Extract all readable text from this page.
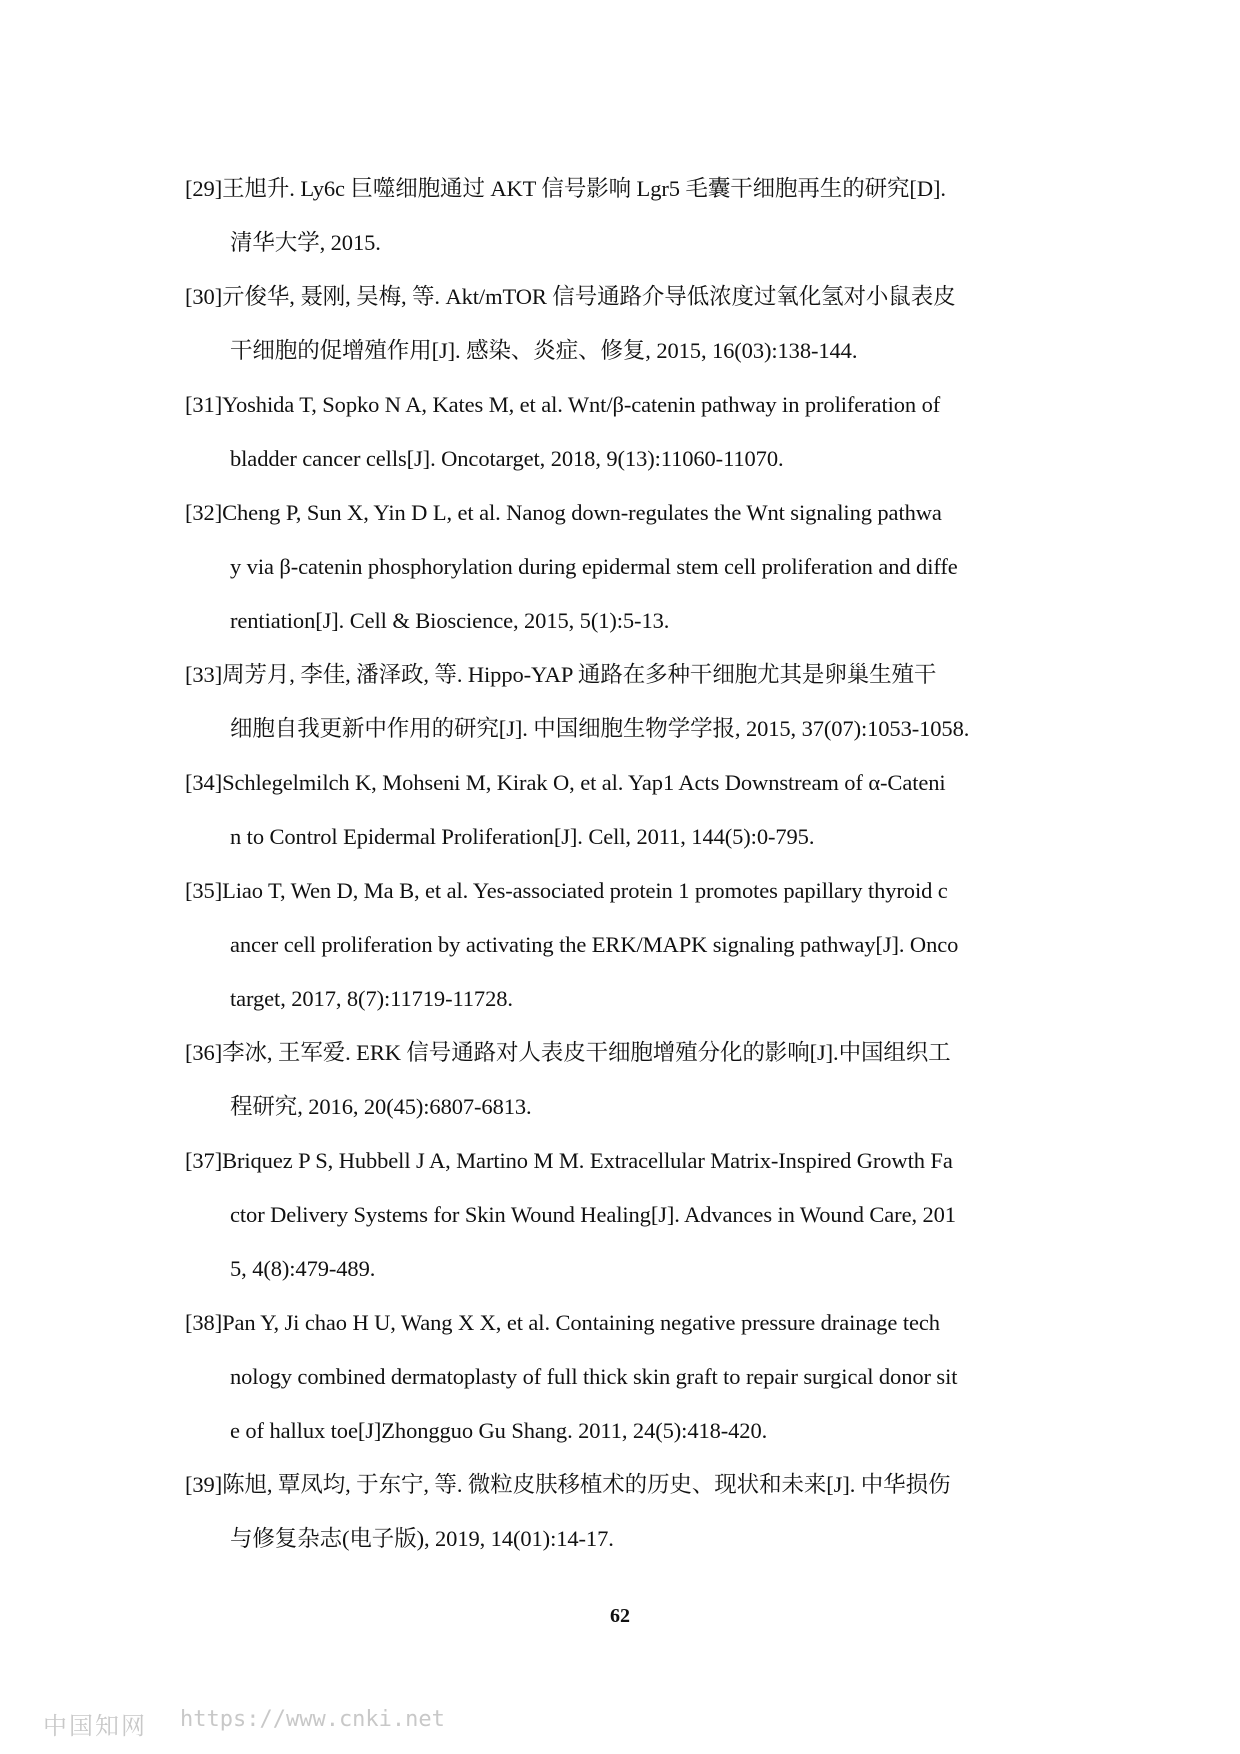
[29]王旭升. Ly6c 巨噬细胞通过 AKT 信号影响 Lgr5 毛囊干细胞再生的研究[D].
清华大学, 2015.
[30]亓俊华, 聂刚, 吴梅, 等. Akt/mTOR 信号通路介导低浓度过氧化氢对小鼠表皮
干细胞的促增殖作用[J]. 感染、炎症、修复, 2015, 16(03):138-144.
[31]Yoshida T, Sopko N A, Kates M, et al. Wnt/β-catenin pathway in proliferation of
bladder cancer cells[J]. Oncotarget, 2018, 9(13):11060-11070.
[32]Cheng P, Sun X, Yin D L, et al. Nanog down-regulates the Wnt signaling pathwa
y via β-catenin phosphorylation during epidermal stem cell proliferation and diffe
rentiation[J]. Cell & Bioscience, 2015, 5(1):5-13.
[33]周芳月, 李佳, 潘泽政, 等. Hippo-YAP 通路在多种干细胞尤其是卵巢生殖干
细胞自我更新中作用的研究[J]. 中国细胞生物学学报, 2015, 37(07):1053-1058.
[34]Schlegelmilch K, Mohseni M, Kirak O, et al. Yap1 Acts Downstream of α-Cateni
n to Control Epidermal Proliferation[J]. Cell, 2011, 144(5):0-795.
[35]Liao T, Wen D, Ma B, et al. Yes-associated protein 1 promotes papillary thyroid c
ancer cell proliferation by activating the ERK/MAPK signaling pathway[J]. Onco
target, 2017, 8(7):11719-11728.
[36]李冰, 王军爱. ERK 信号通路对人表皮干细胞增殖分化的影响[J].中国组织工
程研究, 2016, 20(45):6807-6813.
[37]Briquez P S, Hubbell J A, Martino M M. Extracellular Matrix-Inspired Growth Fa
ctor Delivery Systems for Skin Wound Healing[J]. Advances in Wound Care, 201
5, 4(8):479-489.
[38]Pan Y, Ji chao H U, Wang X X, et al. Containing negative pressure drainage tech
nology combined dermatoplasty of full thick skin graft to repair surgical donor sit
e of hallux toe[J]Zhongguo Gu Shang. 2011, 24(5):418-420.
[39]陈旭, 覃凤均, 于东宁, 等. 微粒皮肤移植术的历史、现状和未来[J]. 中华损伤
与修复杂志(电子版), 2019, 14(01):14-17.
62
中国知网 https://www.cnki.net
